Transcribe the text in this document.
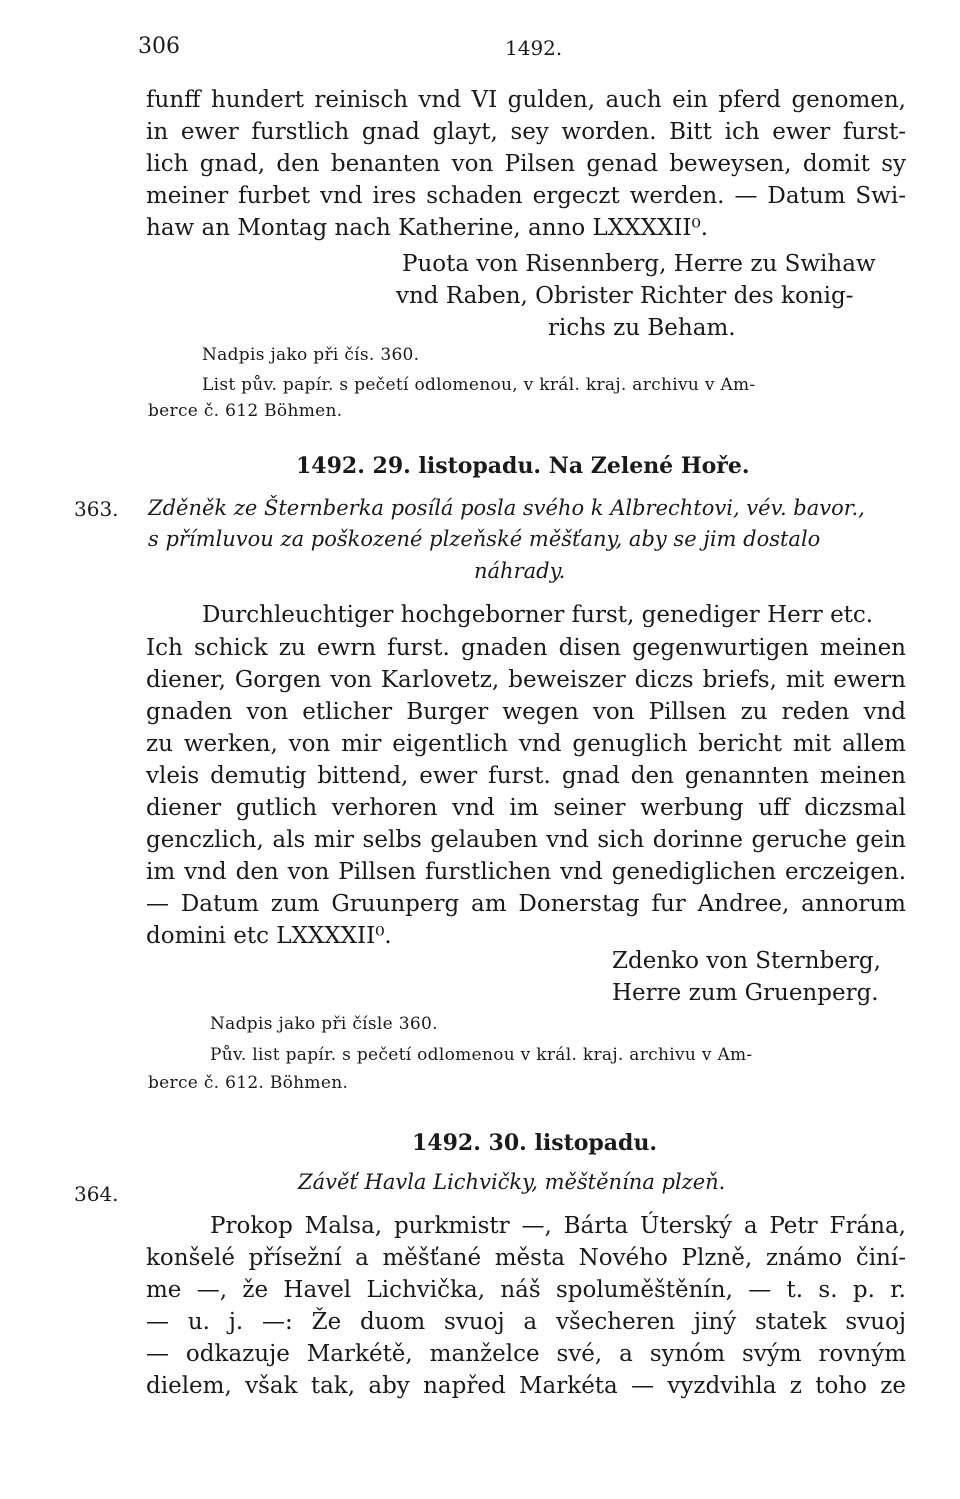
306	1492.
funff hundert reinisch vnd VI gulden, auch ein pferd genomen,
in ewer furstlich gnad glayt, sey worden. Bitt ich ewer furst-
lich gnad, den benanten von Pilsen genad beweysen, domit sy
meiner furbet vnd ires schaden ergeczt werden. — Datum Swi-
haw an Montag nach Katherine, anno LXXXXII⁰.
Puota von Risennberg, Herre zu Swihaw
vnd Raben, Obrister Richter des konig-
richs zu Beham.
Nadpis jako při čís. 360.
List pův. papír. s pečetí odlomenou, v král. kraj. archivu v Am-
berce č. 612 Böhmen.
363.
1492. 29. listopadu. Na Zelené Hoře.
Zděněk ze Šternberka posílá posla svého k Albrechtovi, vév. bavor.,
s přímluvou za poškozené plzeňské měšťany, aby se jim dostalo
náhrady.
Durchleuchtiger hochgeborner furst, genediger Herr etc.
Ich schick zu ewrn furst. gnaden disen gegenwurtigen meinen
diener, Gorgen von Karlovetz, beweiszer diczs briefs, mit ewern
gnaden von etlicher Burger wegen von Pillsen zu reden vnd
zu werken, von mir eigentlich vnd genuglich bericht mit allem
vleis demutig bittend, ewer furst. gnad den genannten meinen
diener gutlich verhoren vnd im seiner werbung uff diczsmal
genczlich, als mir selbs gelauben vnd sich dorinne geruche gein
im vnd den von Pillsen furstlichen vnd genediglichen erczeigen.
— Datum zum Gruunperg am Donerstag fur Andree, annorum
domini etc LXXXXII⁰.
Zdenko von Sternberg,
Herre zum Gruenperg.
Nadpis jako při čísle 360.
Pův. list papír. s pečetí odlomenou v král. kraj. archivu v Am-
berce č. 612. Böhmen.
364.
1492. 30. listopadu.
Závěť Havla Lichvičky, měštěnína plzeň.
Prokop Malsa, purkmistr —, Bárta Úterský a Petr Frána,
konšelé přísežní a měšťané města Nového Plzně, známo činí-
me —, že Havel Lichvička, náš spoluměštěnín, — t. s. p. r.
— u. j. —: Že duom svuoj a všecheren jiný statek svuoj
— odkazuje Markétě, manželce své, a synóm svým rovným
dielem, však tak, aby napřed Markéta — vyzdvihla z toho ze
